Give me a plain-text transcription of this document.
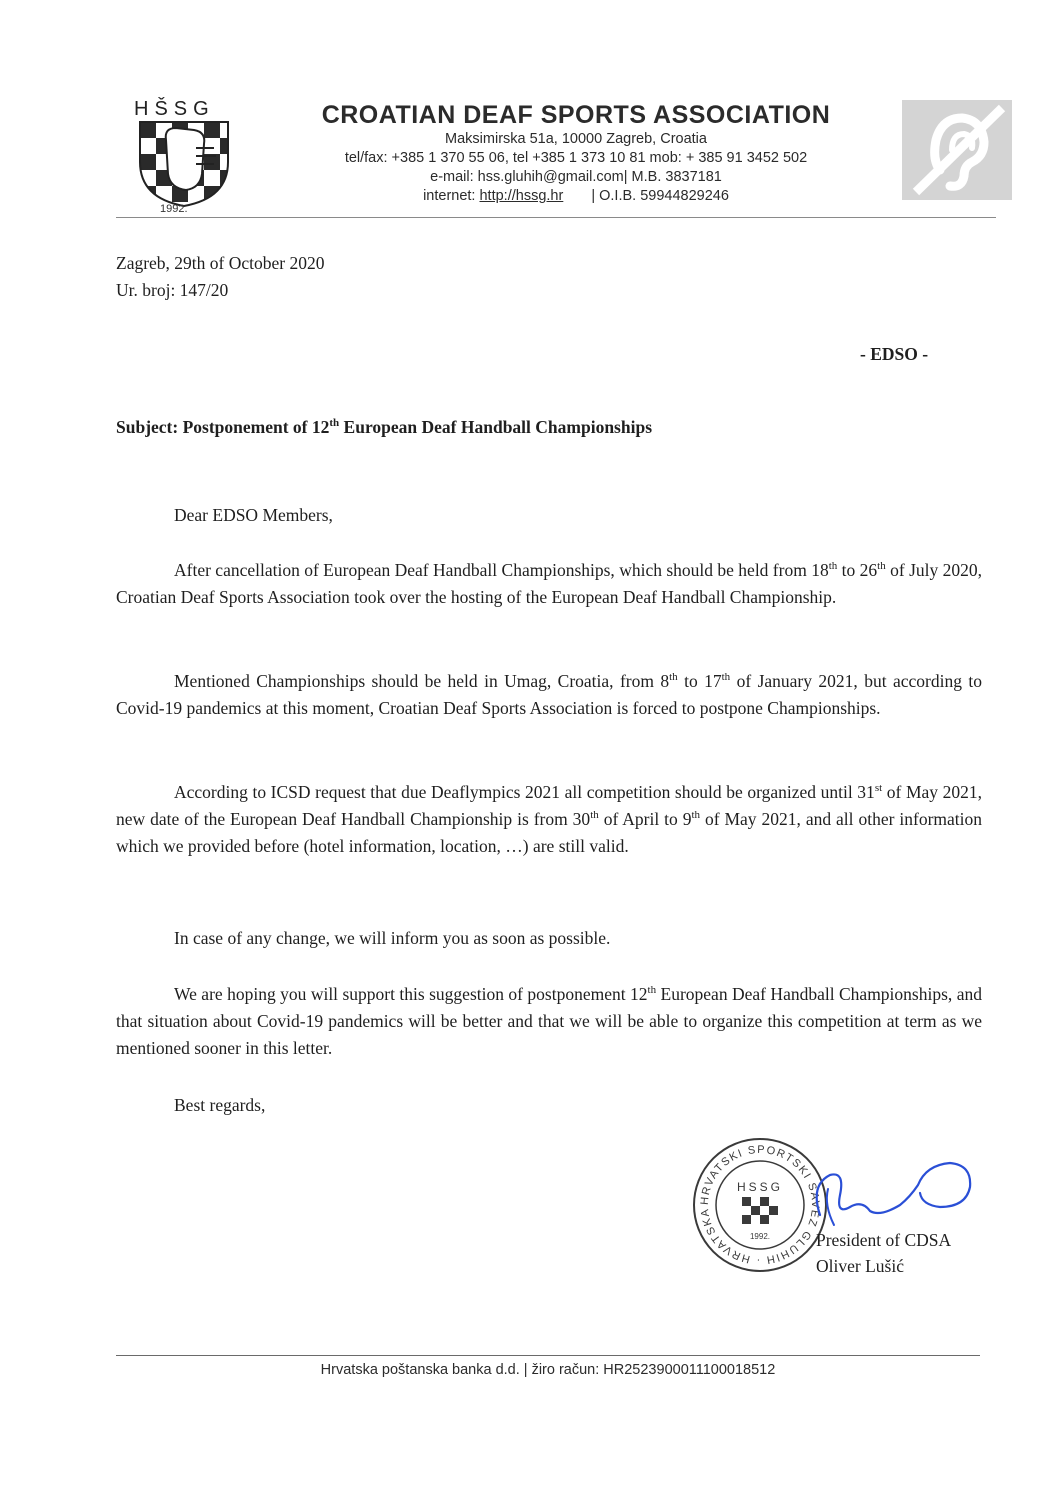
HŠSG
1992.
CROATIAN DEAF SPORTS ASSOCIATION
Maksimirska 51a, 10000 Zagreb, Croatia
tel/fax: +385 1 370 55 06, tel +385 1 373 10 81 mob: + 385 91 3452 502
e-mail: hss.gluhih@gmail.com| M.B. 3837181
internet: http://hssg.hr | O.I.B. 59944829246
Zagreb, 29th of October 2020
Ur. broj: 147/20
- EDSO -
Subject: Postponement of 12th European Deaf Handball Championships
Dear EDSO Members,

After cancellation of European Deaf Handball Championships, which should be held from 18th to 26th of July 2020, Croatian Deaf Sports Association took over the hosting of the European Deaf Handball Championship.

Mentioned Championships should be held in Umag, Croatia, from 8th to 17th of January 2021, but according to Covid-19 pandemics at this moment, Croatian Deaf Sports Association is forced to postpone Championships.

According to ICSD request that due Deaflympics 2021 all competition should be organized until 31st of May 2021, new date of the European Deaf Handball Championship is from 30th of April to 9th of May 2021, and all other information which we provided before (hotel information, location, …) are still valid.

In case of any change, we will inform you as soon as possible.

We are hoping you will support this suggestion of postponement 12th European Deaf Handball Championships, and that situation about Covid-19 pandemics will be better and that we will be able to organize this competition at term as we mentioned sooner in this letter.

Best regards,
HRVATSKI SPORTSKI SAVEZ GLUHIH · HRVATSKA
HSSG
1992.	President of CDSA
Oliver Lušić
Hrvatska poštanska banka d.d. | žiro račun: HR2523900011100018512
